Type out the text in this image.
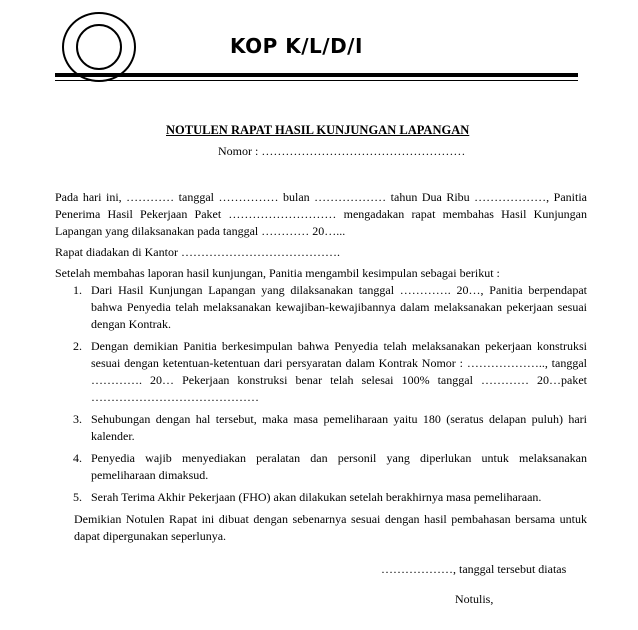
KOP K/L/D/I
NOTULEN RAPAT HASIL KUNJUNGAN LAPANGAN
Nomor : ……………………………………………

Pada hari ini, ………… tanggal …………… bulan ……………… tahun Dua Ribu ………………, Panitia Penerima Hasil Pekerjaan Paket ……………………… mengadakan rapat membahas Hasil Kunjungan Lapangan yang dilaksanakan pada tanggal ………… 20…...

Rapat diadakan di Kantor ………………………………….

Setelah membahas laporan hasil kunjungan, Panitia mengambil kesimpulan sebagai berikut :

1. Dari Hasil Kunjungan Lapangan yang dilaksanakan tanggal …………. 20…, Panitia berpendapat bahwa Penyedia telah melaksanakan kewajiban-kewajibannya dalam melaksanakan pekerjaan sesuai dengan Kontrak.
2. Dengan demikian Panitia berkesimpulan bahwa Penyedia telah melaksanakan pekerjaan konstruksi sesuai dengan ketentuan-ketentuan dari persyaratan dalam Kontrak Nomor : ……………….., tanggal …………. 20… Pekerjaan konstruksi benar telah selesai 100% tanggal ………… 20…paket ……………………………………
3. Sehubungan dengan hal tersebut, maka masa pemeliharaan yaitu 180 (seratus delapan puluh) hari kalender.
4. Penyedia wajib menyediakan peralatan dan personil yang diperlukan untuk melaksanakan pemeliharaan dimaksud.
5. Serah Terima Akhir Pekerjaan (FHO) akan dilakukan setelah berakhirnya masa pemeliharaan.

Demikian Notulen Rapat ini dibuat dengan sebenarnya sesuai dengan hasil pembahasan bersama untuk dapat dipergunakan seperlunya.

………………, tanggal tersebut diatas
Notulis,
